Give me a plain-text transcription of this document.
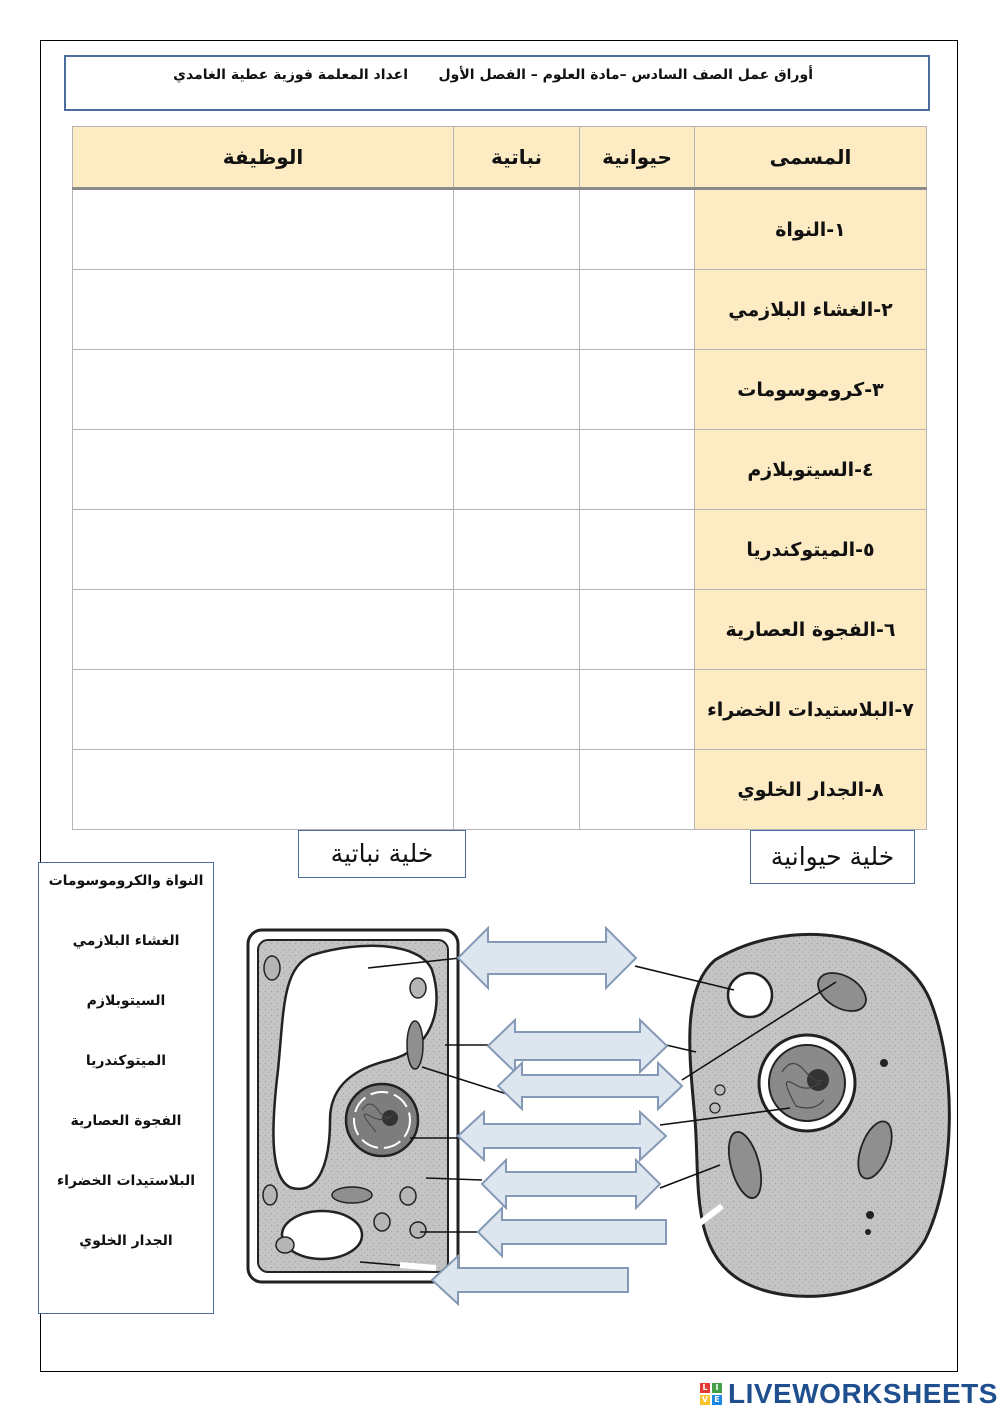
أوراق عمل الصف السادس –مادة العلوم – الفصل الأول
اعداد المعلمة فوزية عطية الغامدي
المسمى	حيوانية	نباتية	الوظيفة
١-النواة			
٢-الغشاء البلازمي			
٣-كروموسومات			
٤-السيتوبلازم			
٥-الميتوكندريا			
٦-الفجوة العصارية			
٧-البلاستيدات الخضراء			
٨-الجدار الخلوي			
خلية نباتية	خلية حيوانية
النواة والكروموسومات
الغشاء البلازمي
السيتوبلازم
الميتوكندريا
الفجوة العصارية
البلاستيدات الخضراء
الجدار الخلوي
L I
V E LIVEWORKSHEETS
